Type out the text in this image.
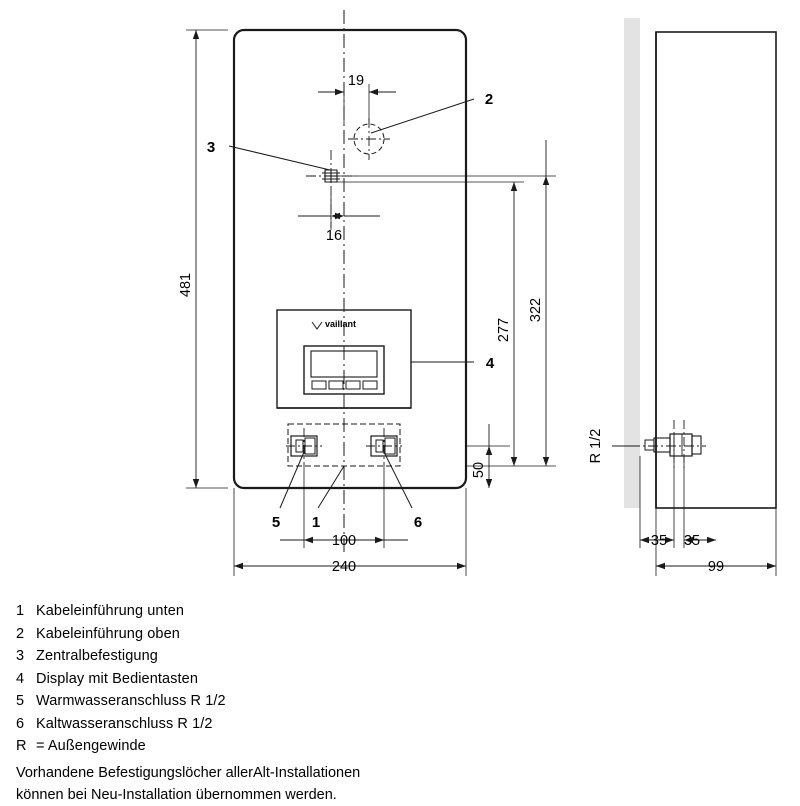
vaillant
481
19
16
322
277
50
100
240
2
3
4
5 1	6
R 1/2
35 35
99
1 Kabeleinführung unten
2 Kabeleinführung oben
3 Zentralbefestigung
4 Display mit Bedientasten
5 Warmwasseranschluss R 1/2
6 Kaltwasseranschluss R 1/2
R = Außengewinde
Vorhandene Befestigungslöcher allerAlt-Installationen
können bei Neu-Installation übernommen werden.
